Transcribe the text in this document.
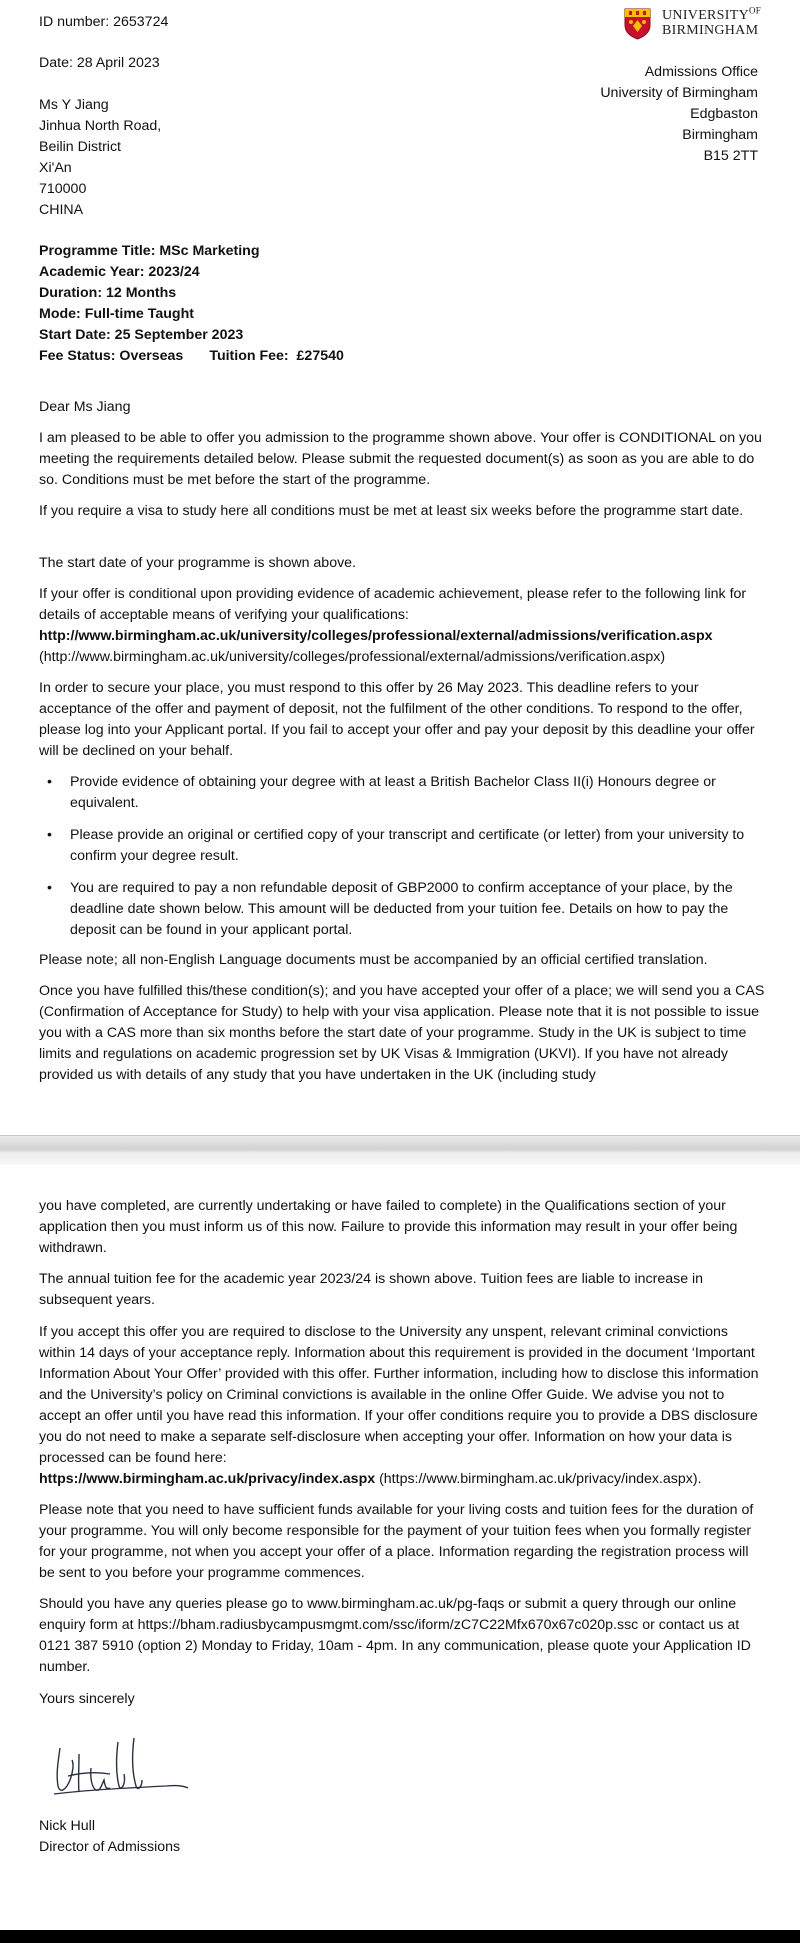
ID number: 2653724
Date: 28 April 2023
$UNIVERSITY^{OF}$
BIRMINGHAM
Admissions Office
University of Birmingham
Edgbaston
Birmingham
B15 2TT
Ms Y Jiang
Jinhua North Road,
Beilin District
Xi'An
710000
CHINA
Programme Title: MSc Marketing
Academic Year: 2023/24
Duration: 12 Months
Mode: Full-time Taught
Start Date: 25 September 2023
Fee Status: Overseas Tuition Fee:  £27540
Dear Ms Jiang
I am pleased to be able to offer you admission to the programme shown above. Your offer is CONDITIONAL on you meeting the requirements detailed below. Please submit the requested document(s) as soon as you are able to do so. Conditions must be met before the start of the programme.
If you require a visa to study here all conditions must be met at least six weeks before the programme start date.
The start date of your programme is shown above.
If your offer is conditional upon providing evidence of academic achievement, please refer to the following link for details of acceptable means of verifying your qualifications:
http://www.birmingham.ac.uk/university/colleges/professional/external/admissions/verification.aspx
(http://www.birmingham.ac.uk/university/colleges/professional/external/admissions/verification.aspx)
In order to secure your place, you must respond to this offer by 26 May 2023. This deadline refers to your acceptance of the offer and payment of deposit, not the fulfilment of the other conditions. To respond to the offer, please log into your Applicant portal. If you fail to accept your offer and pay your deposit by this deadline your offer will be declined on your behalf.
• Provide evidence of obtaining your degree with at least a British Bachelor Class II(i) Honours degree or equivalent.
• Please provide an original or certified copy of your transcript and certificate (or letter) from your university to confirm your degree result.
• You are required to pay a non refundable deposit of GBP2000 to confirm acceptance of your place, by the deadline date shown below. This amount will be deducted from your tuition fee. Details on how to pay the deposit can be found in your applicant portal.
Please note; all non-English Language documents must be accompanied by an official certified translation.
Once you have fulfilled this/these condition(s); and you have accepted your offer of a place; we will send you a CAS (Confirmation of Acceptance for Study) to help with your visa application. Please note that it is not possible to issue you with a CAS more than six months before the start date of your programme. Study in the UK is subject to time limits and regulations on academic progression set by UK Visas & Immigration (UKVI). If you have not already provided us with details of any study that you have undertaken in the UK (including study
you have completed, are currently undertaking or have failed to complete) in the Qualifications section of your application then you must inform us of this now. Failure to provide this information may result in your offer being withdrawn.
The annual tuition fee for the academic year 2023/24 is shown above. Tuition fees are liable to increase in subsequent years.
If you accept this offer you are required to disclose to the University any unspent, relevant criminal convictions within 14 days of your acceptance reply. Information about this requirement is provided in the document ‘Important Information About Your Offer’ provided with this offer. Further information, including how to disclose this information and the University’s policy on Criminal convictions is available in the online Offer Guide. We advise you not to accept an offer until you have read this information. If your offer conditions require you to provide a DBS disclosure you do not need to make a separate self-disclosure when accepting your offer. Information on how your data is processed can be found here:
https://www.birmingham.ac.uk/privacy/index.aspx (https://www.birmingham.ac.uk/privacy/index.aspx).
Please note that you need to have sufficient funds available for your living costs and tuition fees for the duration of your programme. You will only become responsible for the payment of your tuition fees when you formally register for your programme, not when you accept your offer of a place. Information regarding the registration process will be sent to you before your programme commences.
Should you have any queries please go to www.birmingham.ac.uk/pg-faqs or submit a query through our online enquiry form at https://bham.radiusbycampusmgmt.com/ssc/iform/zC7C22Mfx670x67c020p.ssc or contact us at 0121 387 5910 (option 2) Monday to Friday, 10am - 4pm. In any communication, please quote your Application ID number.
Yours sincerely
Nick Hull
Director of Admissions
